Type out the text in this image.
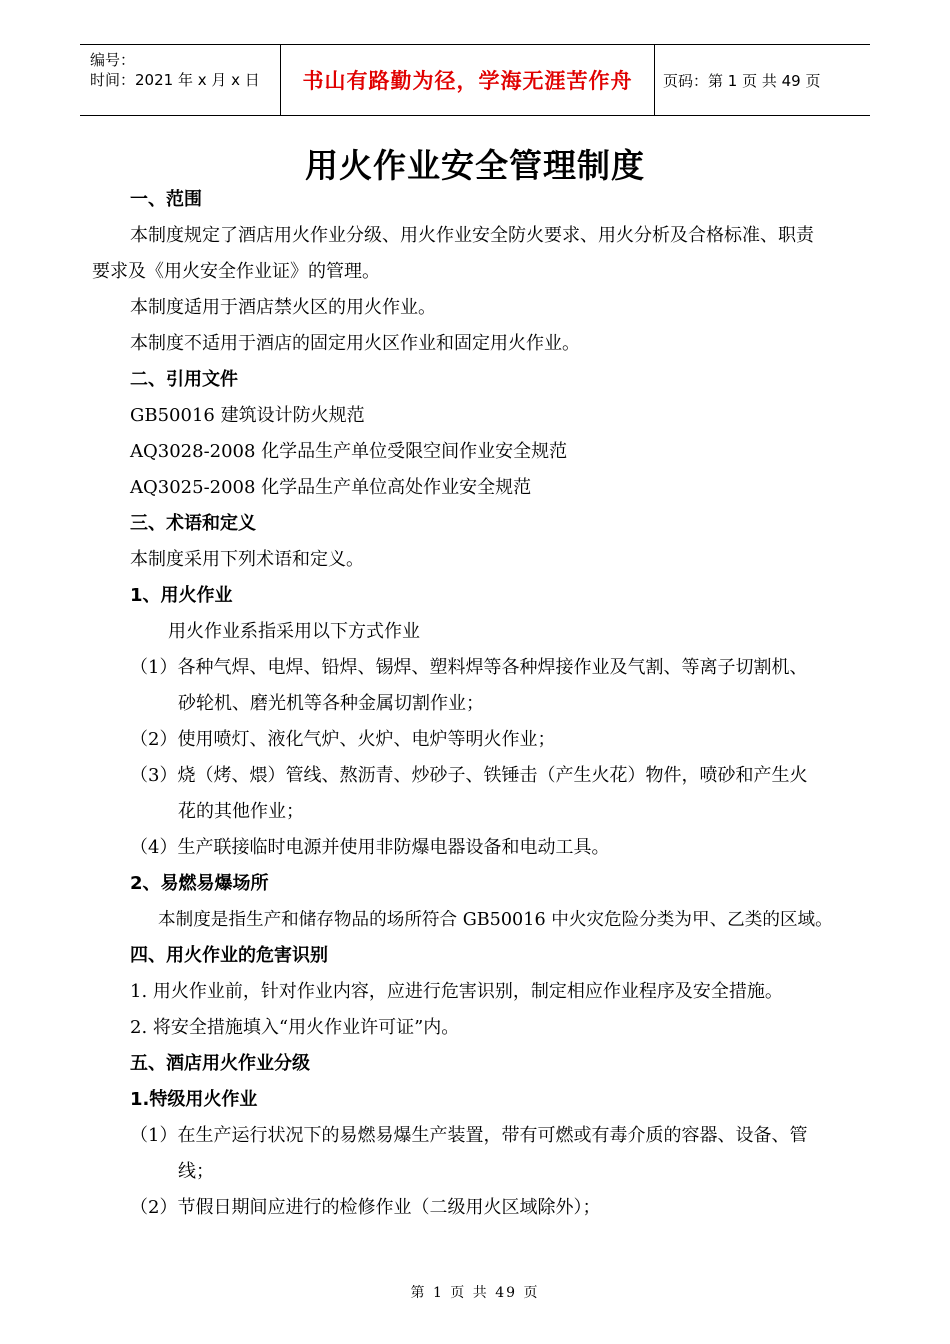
编号：
时间：2021 年 x 月 x 日	书山有路勤为径，学海无涯苦作舟 页码：第 1 页 共 49 页
用火作业安全管理制度
一、范围
本制度规定了酒店用火作业分级、用火作业安全防火要求、用火分析及合格标准、职责
要求及《用火安全作业证》的管理。
本制度适用于酒店禁火区的用火作业。
本制度不适用于酒店的固定用火区作业和固定用火作业。
二、引用文件
GB50016 建筑设计防火规范
AQ3028-2008 化学品生产单位受限空间作业安全规范
AQ3025-2008 化学品生产单位高处作业安全规范
三、术语和定义
本制度采用下列术语和定义。
1、用火作业
用火作业系指采用以下方式作业
（1）各种气焊、电焊、铅焊、锡焊、塑料焊等各种焊接作业及气割、等离子切割机、
砂轮机、磨光机等各种金属切割作业；
（2）使用喷灯、液化气炉、火炉、电炉等明火作业；
（3）烧（烤、煨）管线、熬沥青、炒砂子、铁锤击（产生火花）物件，喷砂和产生火
花的其他作业；
（4）生产联接临时电源并使用非防爆电器设备和电动工具。
2、易燃易爆场所
本制度是指生产和储存物品的场所符合 GB50016 中火灾危险分类为甲、乙类的区域。
四、用火作业的危害识别
1. 用火作业前，针对作业内容，应进行危害识别，制定相应作业程序及安全措施。
2. 将安全措施填入“用火作业许可证”内。
五、酒店用火作业分级
1.特级用火作业
（1）在生产运行状况下的易燃易爆生产装置，带有可燃或有毒介质的容器、设备、管
线；
（2）节假日期间应进行的检修作业（二级用火区域除外）；
第 1 页 共 49 页
